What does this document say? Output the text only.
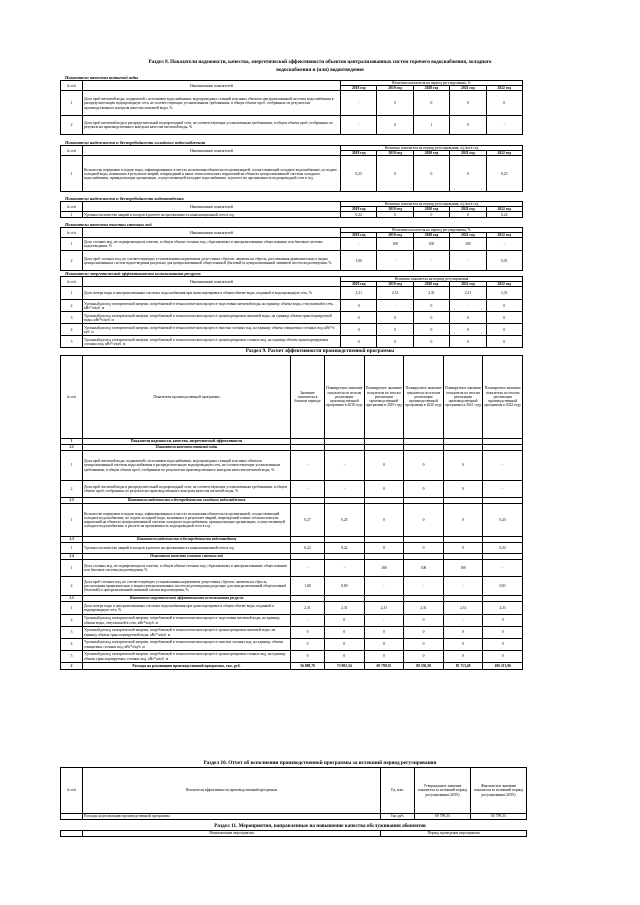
Раздел 8. Показатели надежности, качества, энергетической эффективности объектов централизованных систем горячего водоснабжения, холодного
водоснабжения и (или) водоотведения
Показатели качества питьевой воды
№ п/п	Наименование показателей	Величина показателя на период регулирования, %				
		2018 год	2019 год	2020 год	2021 год	2022 год
1	Доля проб питьевой воды, подаваемой с источников водоснабжения, водопроводных станций или иных объектов централизованной системы водоснабжения в распределительную водопроводную сеть, не соответствующих установленным требованиям, в общем объеме проб, отобранных по результатам производственного контроля качества питьевой воды, %	-	0	0	0	0
2	Доля проб питьевой воды в распределительной водопроводной сети, не соответствующих установленным требованиям, в общем объеме проб, отобранных по результатам производственного контроля качества питьевой воды, %	-	0	1	0	-
Показатели надежности и бесперебойности холодного водоснабжения
№ п/п	Наименование показателей	Величина показателя на период регулирования, ед./км в год				
		2018 год	2019 год	2020 год	2021 год	2022 год
1	Количество перерывов в подаче воды, зафиксированных в местах исполнения обязательств организацией, осуществляющей холодное водоснабжение, по подаче холодной воды, возникших в результате аварий, повреждений и иных технологических нарушений на объектах централизованной системы холодного водоснабжения, принадлежащих организации, осуществляющей холодное водоснабжение, в расчете на протяженность водопроводной сети в год	0,25	0	0	0	0,25
Показатели надежности и бесперебойности водоотведения
№ п/п	Наименование показателей	Величина показателя на период регулирования, ед./км в год				
		2018 год	2019 год	2020 год	2021 год	2022 год
1	Удельное количество аварий и засоров в расчете на протяженность канализационной сети в год	0,22	0	0	0	0,22
Показатели качества очистки сточных вод
№ п/п	Наименование показателей	Величина показателя на период регулирования, %				
		2018 год	2019 год	2020 год	2021 год	2022 год
1	Доля сточных вод, не подвергающихся очистке, в общем объеме сточных вод, сбрасываемых в централизованные общесплавные или бытовые системы водоотведения, %	-	100	100	100	-
2	Доля проб сточных вод, не соответствующих установленным нормативам допустимых сбросов, лимитам на сбросы, рассчитанная применительно к видам централизованных систем водоотведения раздельно для централизованной общесплавной (бытовой) и централизованной ливневой систем водоотведения, %	1,00	-	-	-	0,01
Показатели энергетической эффективности использования ресурсов
№ п/п	Наименование показателей	Величина показателя на период регулирования				
		2018 год	2019 год	2020 год	2021 год	2022 год
1	Доля потерь воды в централизованных системах водоснабжения при транспортировке в общем объеме воды, поданной в водопроводную сеть, %	2,31	2,31	2,31	2,31	2,31
2	Удельный расход электрической энергии, потребляемой в технологическом процессе подготовки питьевой воды, на единицу объема воды, отпускаемой в сеть, кВт*ч/куб. м	0	-	0	-	0
3	Удельный расход электрической энергии, потребляемой в технологическом процессе транспортировки питьевой воды, на единицу объема транспортируемой воды, кВт*ч/куб. м	0	0	0	0	0
4	Удельный расход электрической энергии, потребляемой в технологическом процессе очистки сточных вод, на единицу объема очищаемых сточных вод, кВт*ч/куб. м	0	0	0	0	0
5	Удельный расход электрической энергии, потребляемой в технологическом процессе транспортировки сточных вод, на единицу объема транспортируемых сточных вод, кВт*ч/куб. м	0	0	0	0	0
Раздел 9. Расчет эффективности производственной программы
№ п/п	Показатели производственной программы	Значение показателя в базовом периоде	Планируемое значение показателя по итогам реализации производственной программы в 2018 году	Планируемое значение показателя по итогам реализации производственной программы в 2019 году	Планируемое значение показателя по итогам реализации производственной программы в 2020 году	Планируемое значение показателя по итогам реализации производственной программы в 2021 году	Планируемое значение показателя по итогам реализации производственной программы в 2022 году
1	Показатели надежности, качества, энергетической эффективности						
1.1	Показатели качества питьевой воды						
1	Доля проб питьевой воды, подаваемой с источников водоснабжения, водопроводных станций или иных объектов централизованной системы водоснабжения в распределительную водопроводную сеть, не соответствующих установленным требованиям, в общем объеме проб, отобранных по результатам производственного контроля качества питьевой воды, %	-	-	0	0	0	-
2	Доля проб питьевой воды в распределительной водопроводной сети, не соответствующих установленным требованиям, в общем объеме проб, отобранных по результатам производственного контроля качества питьевой воды, %	-	-	0	0	0	-
1.2	Показатели надежности и бесперебойности холодного водоснабжения						
1	Количество перерывов в подаче воды, зафиксированных в местах исполнения обязательств организацией, осуществляющей холодное водоснабжение, по подаче холодной воды, возникших в результате аварий, повреждений и иных технологических нарушений на объектах централизованной системы холодного водоснабжения, принадлежащих организации, осуществляющей холодное водоснабжение, в расчете на протяженность водопроводной сети в год	0,27	0,25	0	0	0	0,25
1.3	Показатели надежности и бесперебойности водоотведения						
1	Удельное количество аварий и засоров в расчете на протяженность канализационной сети в год	0,22	0,22	0	0	0	0,22
1.4	Показатели качества очистки сточных вод						
1	Доля сточных вод, не подвергающихся очистке, в общем объеме сточных вод, сбрасываемых в централизованные общесплавные или бытовые системы водоотведения, %	-	-	100	100	100	-
2	Доля проб сточных вод, не соответствующих установленным нормативам допустимых сбросов, лимитам на сбросы, рассчитанная применительно к видам централизованных систем водоотведения раздельно для централизованной общесплавной (бытовой) и централизованной ливневой систем водоотведения, %	1,00	0,00	-	-	-	0,01
1.5	Показатели энергетической эффективности использования ресурсов						
1	Доля потерь воды в централизованных системах водоснабжения при транспортировке в общем объеме воды, поданной в водопроводную сеть, %	2,31	2,31	2,31	2,31	2,31	2,31
2	Удельный расход электрической энергии, потребляемой в технологическом процессе подготовки питьевой воды, на единицу объема воды, отпускаемой в сеть, кВт*ч/куб. м	-	0	-	0	-	0
3	Удельный расход электрической энергии, потребляемой в технологическом процессе транспортировки питьевой воды, на единицу объема транспортируемой воды, кВт*ч/куб. м	0	0	0	0	0	0
4	Удельный расход электрической энергии, потребляемой в технологическом процессе очистки сточных вод, на единицу объема очищаемых сточных вод, кВт*ч/куб. м	0	0	0	0	0	0
5	Удельный расход электрической энергии, потребляемой в технологическом процессе транспортировки сточных вод, на единицу объема транспортируемых сточных вод, кВт*ч/куб. м	0	0	0	0	0	0
2	Расходы на реализацию производственной программы, тыс. руб.	56 098,79	73 903,34	69 799,55	80 330,38	85 713,49	100 213,96
Раздел 10. Отчет об исполнении производственной программы за истекший период регулирования
№ п/п	Показатели эффективности производственной программы	Ед. изм.	Утвержденное значение показателя за истекший период регулирования (2019)	Фактическое значение показателя за истекший период регулирования (2019)
	Расходы на реализацию производственной программы	Тыс.руб.	69 799,55	65 799,55
Раздел 11. Мероприятия, направленные на повышение качества обслуживания абонентов
	Наименование мероприятия	Период проведения мероприятия
